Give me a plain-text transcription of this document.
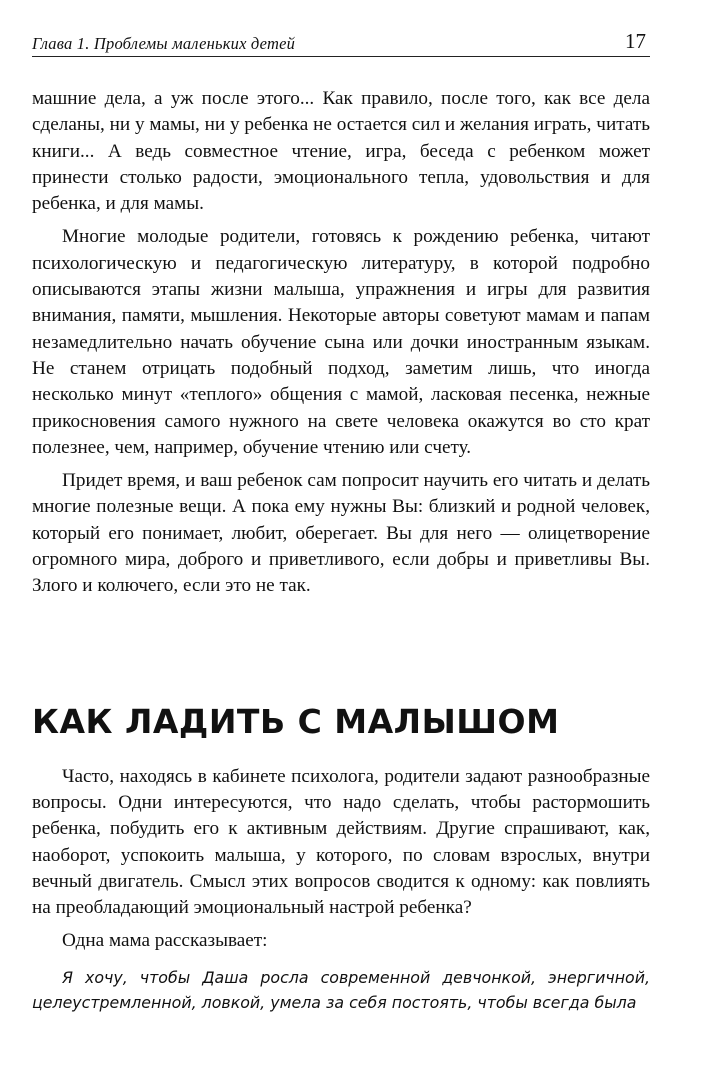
Глава 1. Проблемы маленьких детей	17

машние дела, а уж после этого... Как правило, после того, как все дела сделаны, ни у мамы, ни у ребенка не остается сил и желания играть, читать книги... А ведь совместное чтение, игра, беседа с ребенком может принести столько радости, эмоционального тепла, удовольствия и для ребенка, и для мамы.

Многие молодые родители, готовясь к рождению ребенка, читают психологическую и педагогическую литературу, в которой подробно описываются этапы жизни малыша, упражнения и игры для развития внимания, памяти, мышления. Некоторые авторы советуют мамам и папам незамедлительно начать обучение сына или дочки иностранным языкам. Не станем отрицать подобный подход, заметим лишь, что иногда несколько минут «теплого» общения с мамой, ласковая песенка, нежные прикосновения самого нужного на свете человека окажутся во сто крат полезнее, чем, например, обучение чтению или счету.

Придет время, и ваш ребенок сам попросит научить его читать и делать многие полезные вещи. А пока ему нужны Вы: близкий и родной человек, который его понимает, любит, оберегает. Вы для него — олицетворение огромного мира, доброго и приветливого, если добры и приветливы Вы. Злого и колючего, если это не так.

КАК ЛАДИТЬ С МАЛЫШОМ

Часто, находясь в кабинете психолога, родители задают разнообразные вопросы. Одни интересуются, что надо сделать, чтобы растормошить ребенка, побудить его к активным действиям. Другие спрашивают, как, наоборот, успокоить малыша, у которого, по словам взрослых, внутри вечный двигатель. Смысл этих вопросов сводится к одному: как повлиять на преобладающий эмоциональный настрой ребенка?

Одна мама рассказывает:

Я хочу, чтобы Даша росла современной девчонкой, энергичной, целеустремленной, ловкой, умела за себя постоять, чтобы всегда была
